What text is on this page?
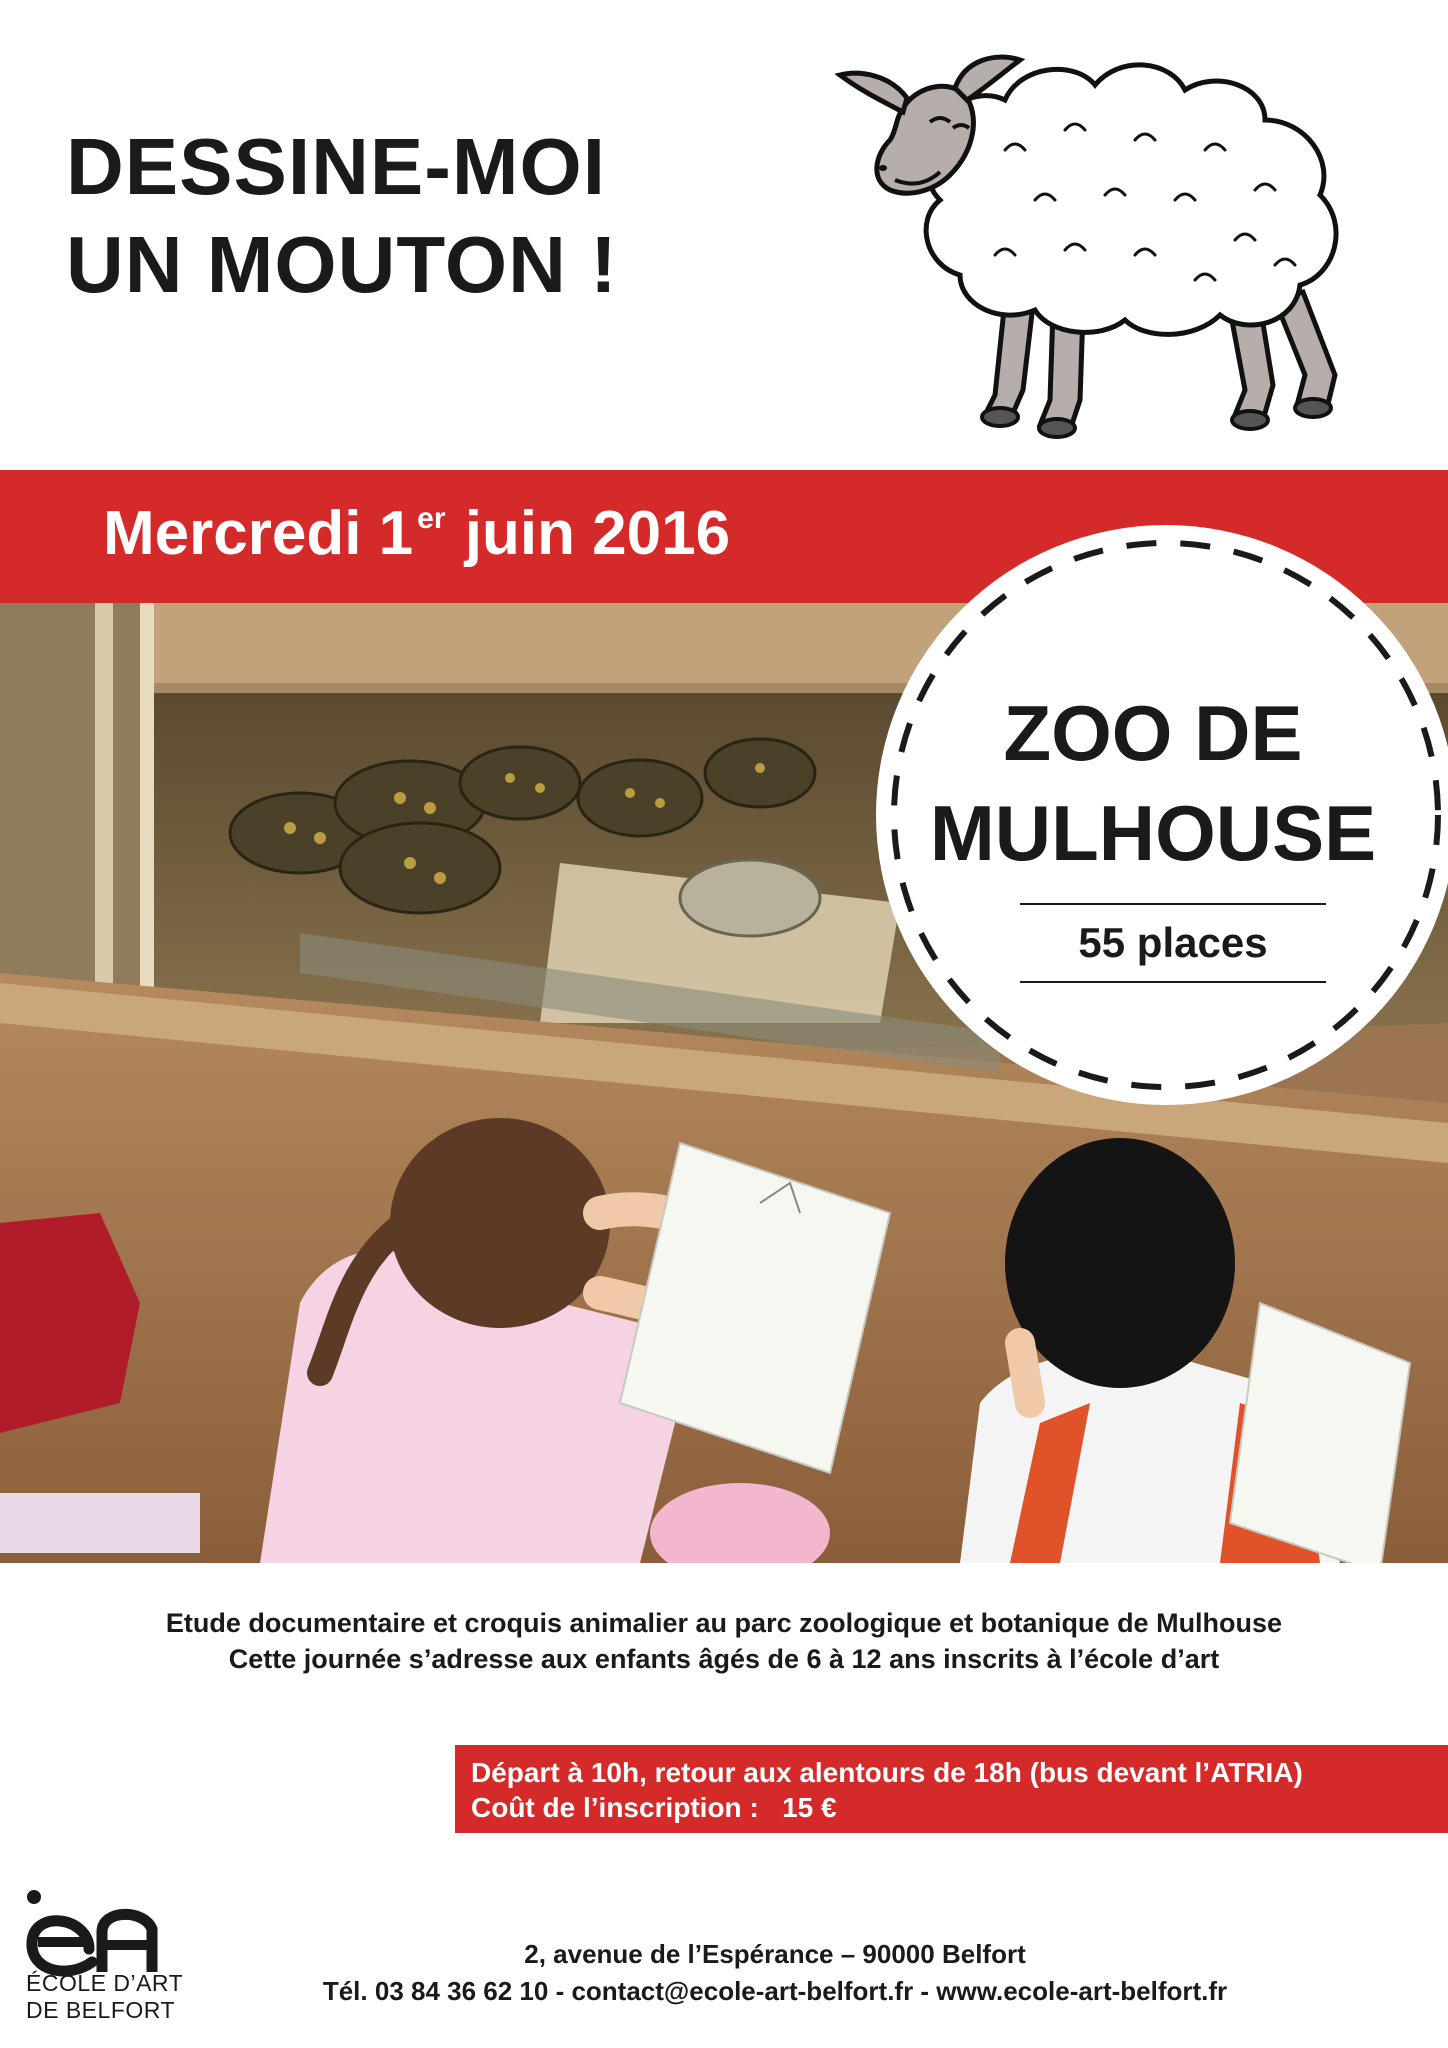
DESSINE-MOI
UN MOUTON !
Mercredi 1 $^{er}$ juin 2016
ZOO DE
MULHOUSE
55 places
Etude documentaire et croquis animalier au parc zoologique et botanique de Mulhouse
Cette journée s’adresse aux enfants âgés de 6 à 12 ans inscrits à l’école d’art
Départ à 10h, retour aux alentours de 18h (bus devant l’ATRIA)
Coût de l’inscription :   15 €
ea
ÉCOLE D’ART
DE BELFORT
2, avenue de l’Espérance – 90000 Belfort
Tél. 03 84 36 62 10 - contact@ecole-art-belfort.fr - www.ecole-art-belfort.fr
